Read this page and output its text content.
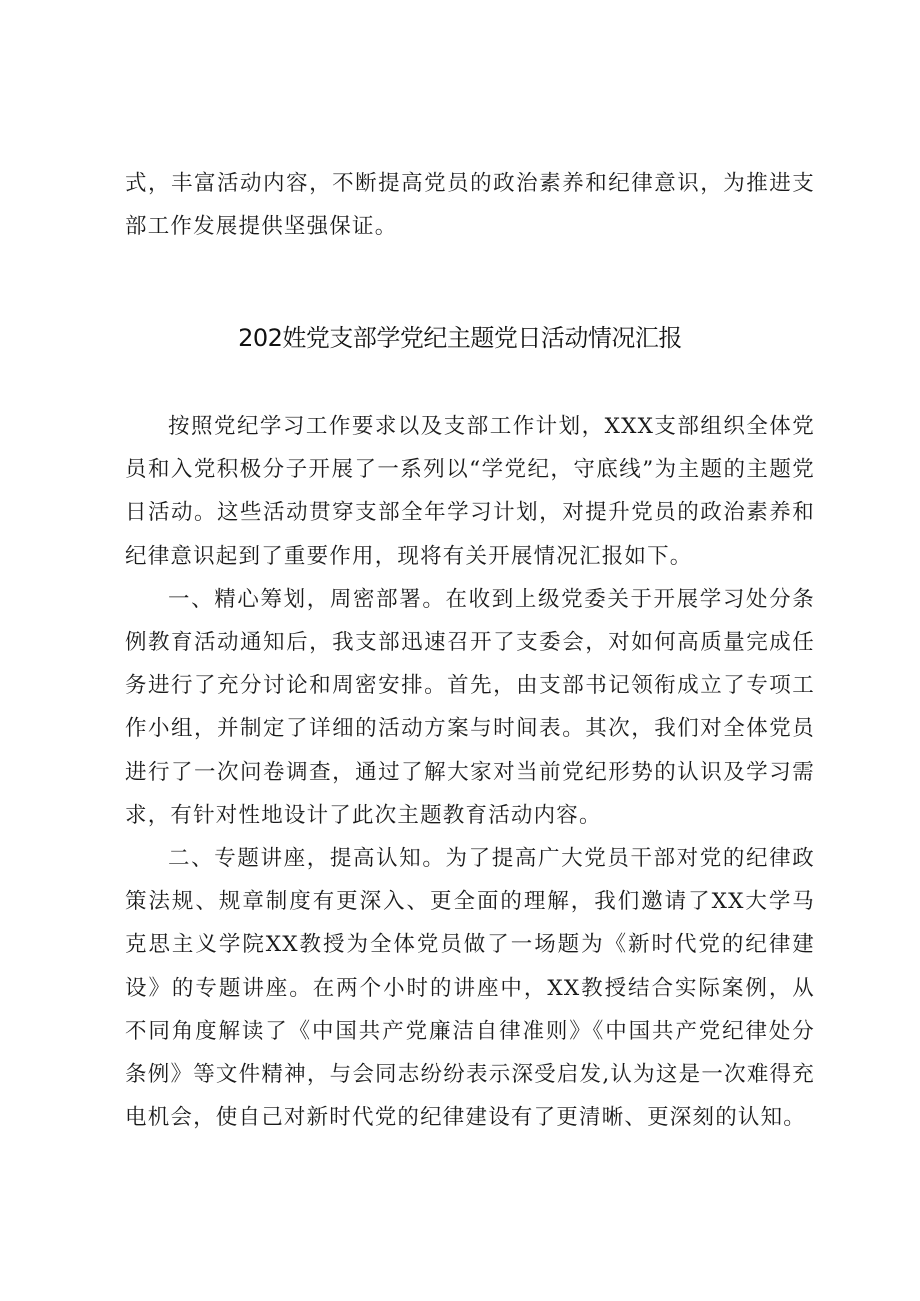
式，丰富活动内容，不断提高党员的政治素养和纪律意识，为推进支部工作发展提供坚强保证。

202姓党支部学党纪主题党日活动情况汇报

按照党纪学习工作要求以及支部工作计划，XXX支部组织全体党员和入党积极分子开展了一系列以“学党纪，守底线”为主题的主题党日活动。这些活动贯穿支部全年学习计划，对提升党员的政治素养和纪律意识起到了重要作用，现将有关开展情况汇报如下。

一、精心筹划，周密部署。在收到上级党委关于开展学习处分条例教育活动通知后，我支部迅速召开了支委会，对如何高质量完成任务进行了充分讨论和周密安排。首先，由支部书记领衔成立了专项工作小组，并制定了详细的活动方案与时间表。其次，我们对全体党员进行了一次问卷调查，通过了解大家对当前党纪形势的认识及学习需求，有针对性地设计了此次主题教育活动内容。

二、专题讲座，提高认知。为了提高广大党员干部对党的纪律政策法规、规章制度有更深入、更全面的理解，我们邀请了XX大学马克思主义学院XX教授为全体党员做了一场题为《新时代党的纪律建设》的专题讲座。在两个小时的讲座中，XX教授结合实际案例，从不同角度解读了《中国共产党廉洁自律准则》《中国共产党纪律处分条例》等文件精神，与会同志纷纷表示深受启发,认为这是一次难得充电机会，使自己对新时代党的纪律建设有了更清晰、更深刻的认知。
